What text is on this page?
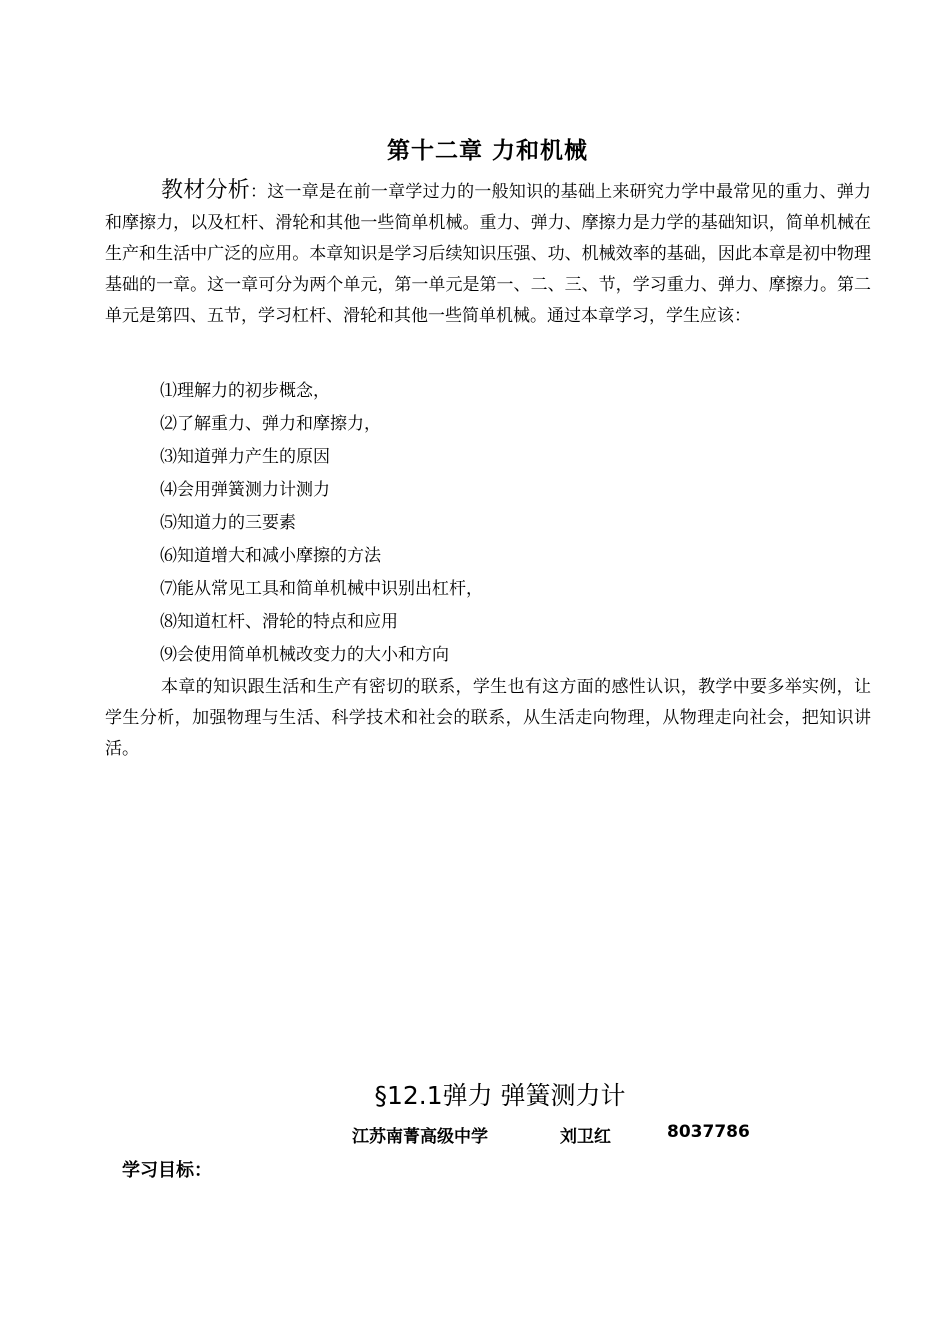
第十二章 力和机械
教材分析：这一章是在前一章学过力的一般知识的基础上来研究力学中最常见的重力、弹力和摩擦力，以及杠杆、滑轮和其他一些简单机械。重力、弹力、摩擦力是力学的基础知识，简单机械在生产和生活中广泛的应用。本章知识是学习后续知识压强、功、机械效率的基础，因此本章是初中物理基础的一章。这一章可分为两个单元，第一单元是第一、二、三、节，学习重力、弹力、摩擦力。第二单元是第四、五节，学习杠杆、滑轮和其他一些简单机械。通过本章学习，学生应该：
⑴理解力的初步概念，
⑵了解重力、弹力和摩擦力，
⑶知道弹力产生的原因
⑷会用弹簧测力计测力
⑸知道力的三要素
⑹知道增大和减小摩擦的方法
⑺能从常见工具和简单机械中识别出杠杆，
⑻知道杠杆、滑轮的特点和应用
⑼会使用简单机械改变力的大小和方向
本章的知识跟生活和生产有密切的联系，学生也有这方面的感性认识，教学中要多举实例，让学生分析，加强物理与生活、科学技术和社会的联系，从生活走向物理，从物理走向社会，把知识讲活。
§12.1弹力 弹簧测力计
江苏南菁高级中学	刘卫红	8037786
学习目标：
